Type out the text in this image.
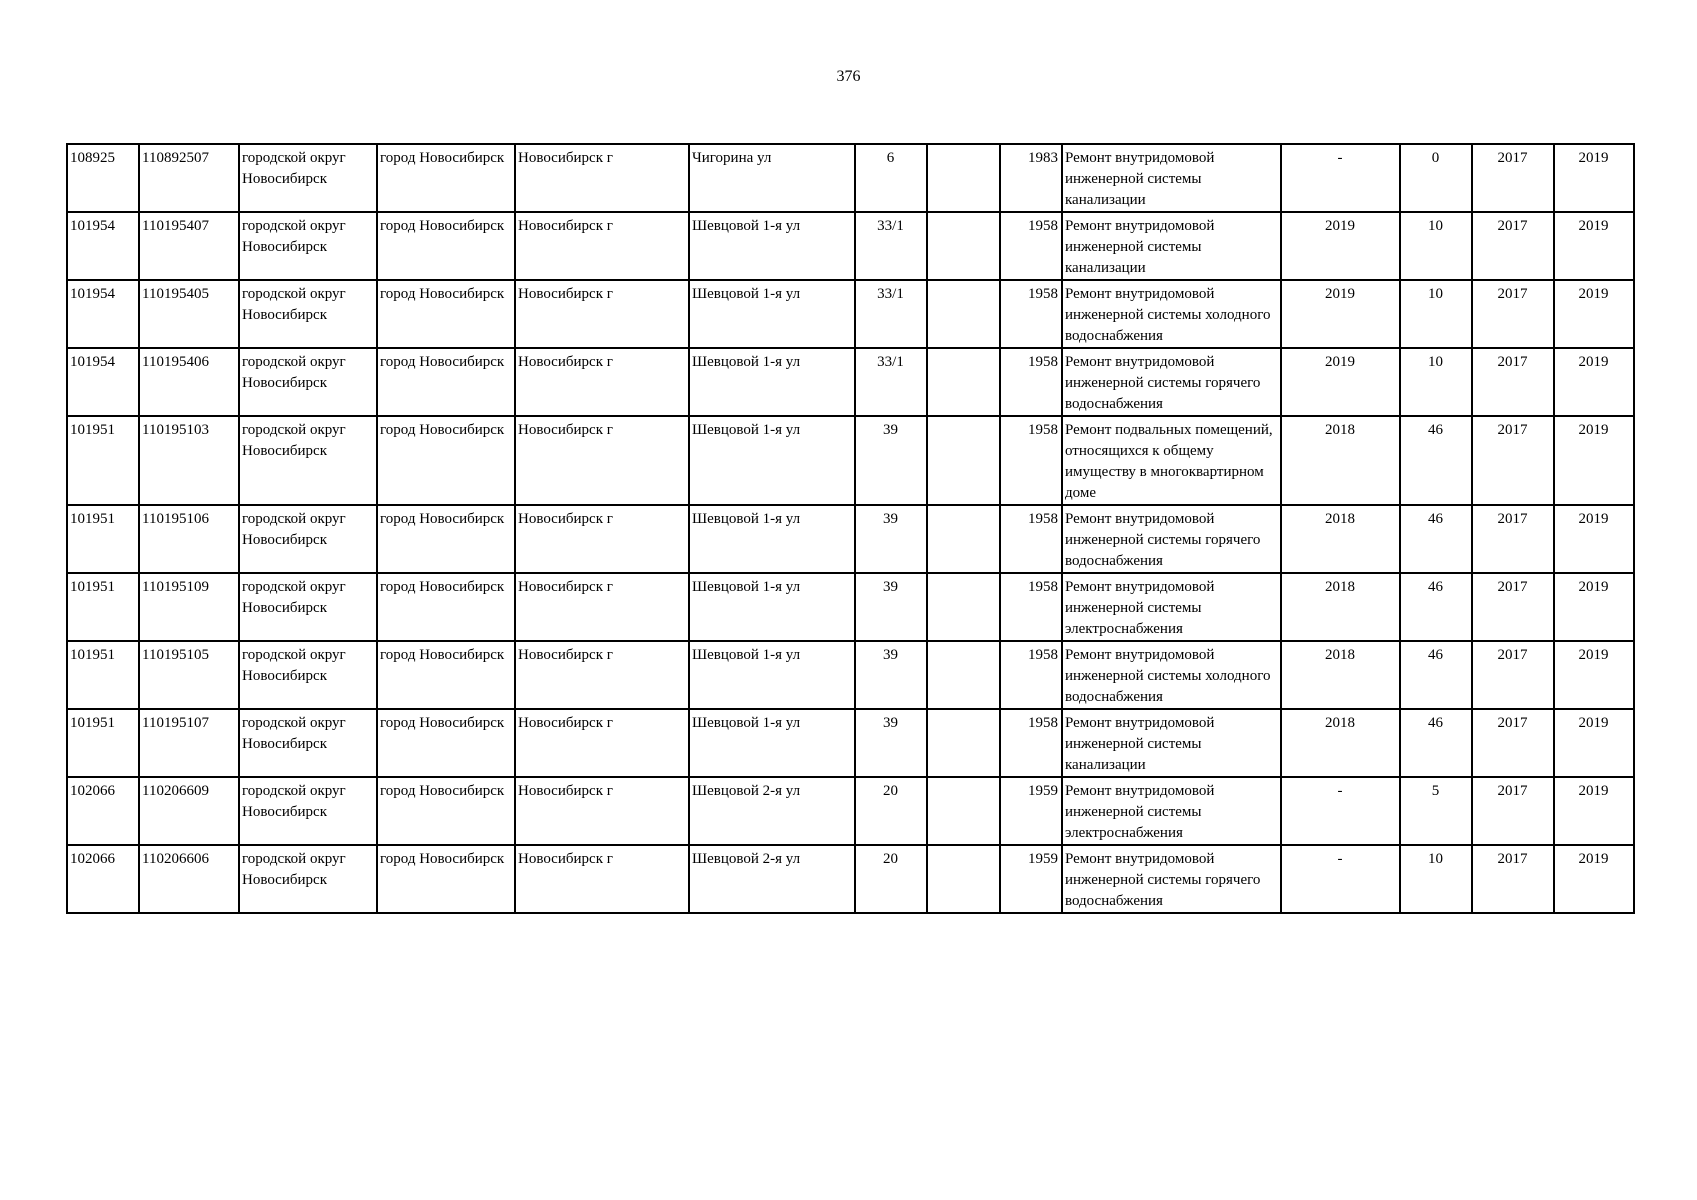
376
108925	110892507	городской округ Новосибирск	город Новосибирск	Новосибирск г	Чигорина ул	6		1983	Ремонт внутридомовой инженерной системы канализации	-	0	2017	2019
101954	110195407	городской округ Новосибирск	город Новосибирск	Новосибирск г	Шевцовой 1-я ул	33/1		1958	Ремонт внутридомовой инженерной системы канализации	2019	10	2017	2019
101954	110195405	городской округ Новосибирск	город Новосибирск	Новосибирск г	Шевцовой 1-я ул	33/1		1958	Ремонт внутридомовой инженерной системы холодного водоснабжения	2019	10	2017	2019
101954	110195406	городской округ Новосибирск	город Новосибирск	Новосибирск г	Шевцовой 1-я ул	33/1		1958	Ремонт внутридомовой инженерной системы горячего водоснабжения	2019	10	2017	2019
101951	110195103	городской округ Новосибирск	город Новосибирск	Новосибирск г	Шевцовой 1-я ул	39		1958	Ремонт подвальных помещений, относящихся к общему имуществу в многоквартирном доме	2018	46	2017	2019
101951	110195106	городской округ Новосибирск	город Новосибирск	Новосибирск г	Шевцовой 1-я ул	39		1958	Ремонт внутридомовой инженерной системы горячего водоснабжения	2018	46	2017	2019
101951	110195109	городской округ Новосибирск	город Новосибирск	Новосибирск г	Шевцовой 1-я ул	39		1958	Ремонт внутридомовой инженерной системы электроснабжения	2018	46	2017	2019
101951	110195105	городской округ Новосибирск	город Новосибирск	Новосибирск г	Шевцовой 1-я ул	39		1958	Ремонт внутридомовой инженерной системы холодного водоснабжения	2018	46	2017	2019
101951	110195107	городской округ Новосибирск	город Новосибирск	Новосибирск г	Шевцовой 1-я ул	39		1958	Ремонт внутридомовой инженерной системы канализации	2018	46	2017	2019
102066	110206609	городской округ Новосибирск	город Новосибирск	Новосибирск г	Шевцовой 2-я ул	20		1959	Ремонт внутридомовой инженерной системы электроснабжения	-	5	2017	2019
102066	110206606	городской округ Новосибирск	город Новосибирск	Новосибирск г	Шевцовой 2-я ул	20		1959	Ремонт внутридомовой инженерной системы горячего водоснабжения	-	10	2017	2019
